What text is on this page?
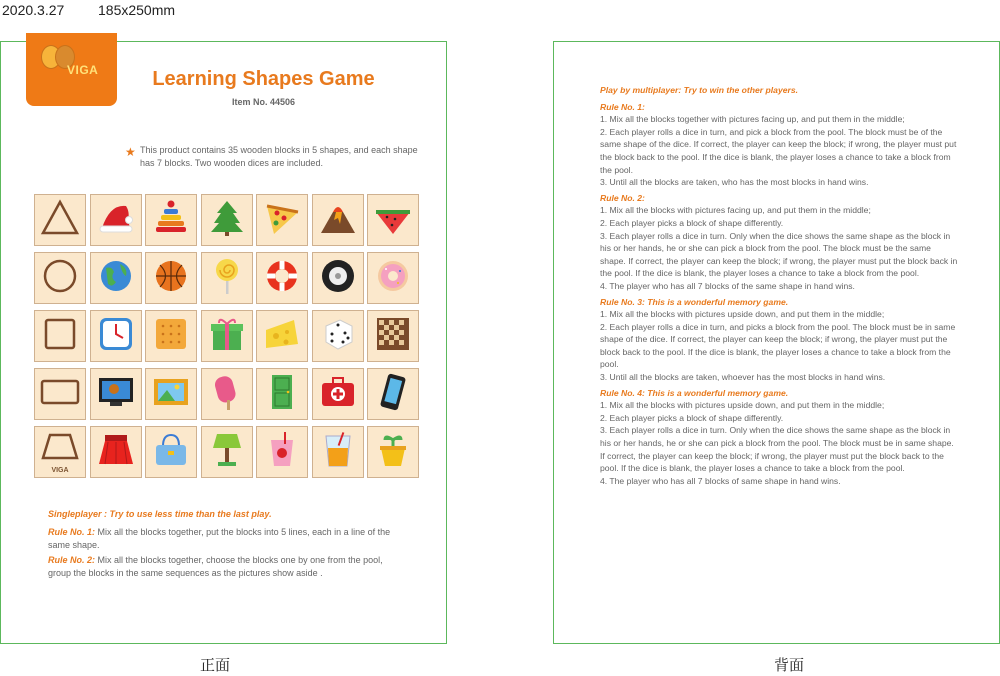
2020.3.27 185x250mm
VIGA	Learning Shapes Game
Item No. 44506
★ This product contains 35 wooden blocks in 5 shapes, and each shape has 7 blocks. Two wooden dices are included.
VIGA
Singleplayer : Try to use less time than the last play.
Rule No. 1: Mix all the blocks together, put the blocks into 5 lines, each in a line of the same shape.
Rule No. 2: Mix all the blocks together, choose the blocks one by one from the pool, group the blocks in the same sequences as the pictures show aside .

Play by multiplayer: Try to win the other players.

Rule No. 1:

1. Mix all the blocks together with pictures facing up, and put them in the middle;

2. Each player rolls a dice in turn, and pick a block from the pool. The block must be of the same shape of the dice. If correct, the player can keep the block; if wrong, the player must put the block back to the pool. If the dice is blank, the player loses a chance to take a block from the pool.

3. Until all the blocks are taken, who has the most blocks in hand wins.

Rule No. 2:

1. Mix all the blocks with pictures facing up, and put them in the middle;

2. Each player picks a block of shape differently.

3. Each player rolls a dice in turn. Only when the dice shows the same shape as the block in his or her hands, he or she can pick a block from the pool. The block must be the same shape. If correct, the player can keep the block; if wrong, the player must put the block back in the pool. If the dice is blank, the player loses a chance to take a block from the pool.

4. The player who has all 7 blocks of the same shape in hand wins.

Rule No. 3: This is a wonderful memory game.

1. Mix all the blocks with pictures upside down, and put them in the middle;

2. Each player rolls a dice in turn, and picks a block from the pool. The block must be in same shape of the dice. If correct, the player can keep the block; if wrong, the player must put the block back to the pool. If the dice is blank, the player loses a chance to take a block from the pool.

3. Until all the blocks are taken, whoever has the most blocks in hand wins.

Rule No. 4: This is a wonderful memory game.

1. Mix all the blocks with pictures upside down, and put them in the middle;

2. Each player picks a block of shape differently.

3. Each player rolls a dice in turn. Only when the dice shows the same shape as the block in his or her hands, he or she can pick a block from the pool. The block must be in same shape. If correct, the player can keep the block; if wrong, the player must put the block back to the pool. If the dice is blank, the player loses a chance to take a block from the pool.

4. The player who has all 7 blocks of same shape in hand wins.

正面	背面
